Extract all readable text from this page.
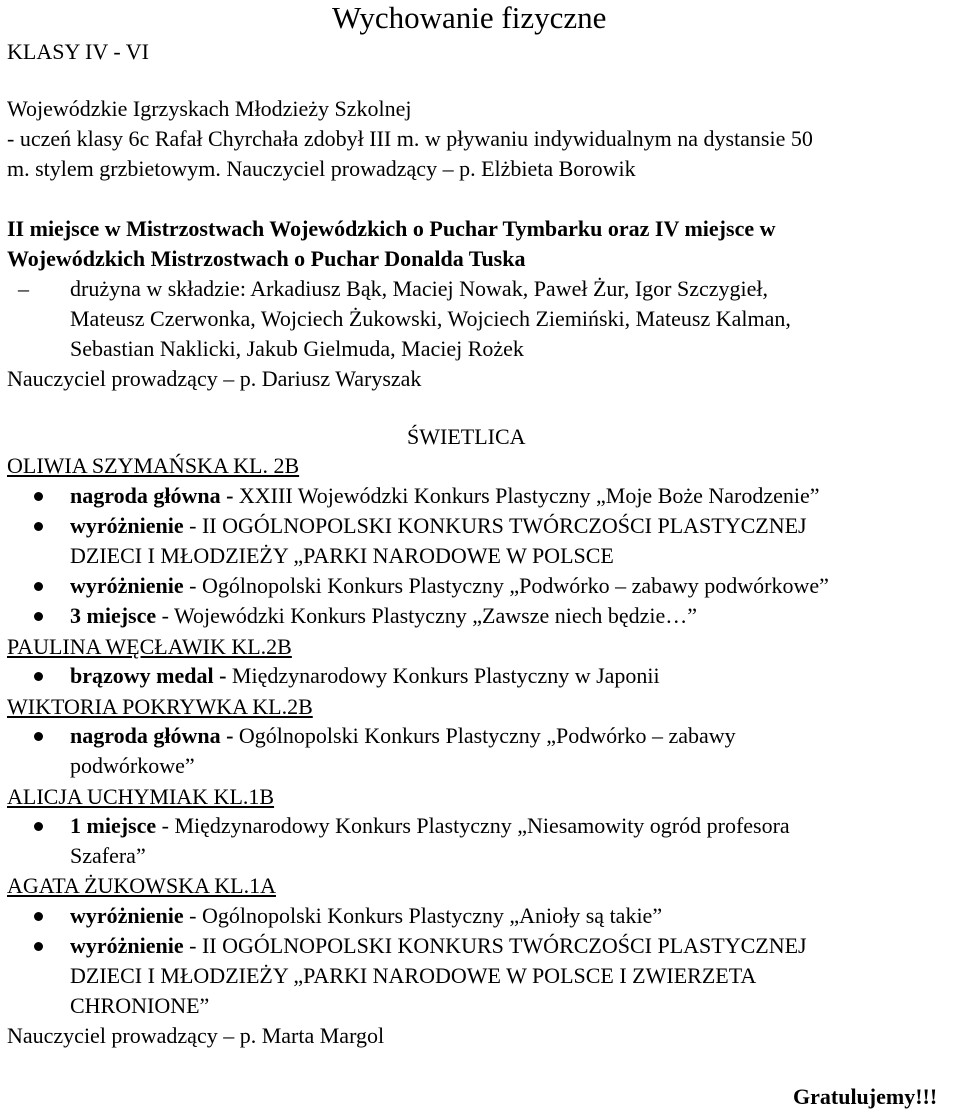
KLASY IV - VI
Wychowanie fizyczne
Wojewódzkie Igrzyskach Młodzieży Szkolnej
- uczeń klasy 6c Rafał Chyrchała zdobył III m. w pływaniu indywidualnym na dystansie 50
m. stylem grzbietowym. Nauczyciel prowadzący – p. Elżbieta Borowik
II miejsce w Mistrzostwach Wojewódzkich o Puchar Tymbarku oraz IV miejsce w
Wojewódzkich Mistrzostwach o Puchar Donalda Tuska
– drużyna w składzie: Arkadiusz Bąk, Maciej Nowak, Paweł Żur, Igor Szczygieł,
Mateusz Czerwonka, Wojciech Żukowski, Wojciech Ziemiński, Mateusz Kalman,
Sebastian Naklicki, Jakub Gielmuda, Maciej Rożek
Nauczyciel prowadzący – p. Dariusz Waryszak
ŚWIETLICA
OLIWIA SZYMAŃSKA KL. 2B
nagroda główna - XXIII Wojewódzki Konkurs Plastyczny „Moje Boże Narodzenie”
wyróżnienie - II OGÓLNOPOLSKI KONKURS TWÓRCZOŚCI PLASTYCZNEJ
DZIECI I MŁODZIEŻY „PARKI NARODOWE W POLSCE
wyróżnienie - Ogólnopolski Konkurs Plastyczny „Podwórko – zabawy podwórkowe”
3 miejsce - Wojewódzki Konkurs Plastyczny „Zawsze niech będzie…”
PAULINA WĘCŁAWIK KL.2B
brązowy medal - Międzynarodowy Konkurs Plastyczny w Japonii
WIKTORIA POKRYWKA KL.2B
nagroda główna - Ogólnopolski Konkurs Plastyczny „Podwórko – zabawy
podwórkowe”
ALICJA UCHYMIAK KL.1B
1 miejsce - Międzynarodowy Konkurs Plastyczny „Niesamowity ogród profesora
Szafera”
AGATA ŻUKOWSKA KL.1A
wyróżnienie - Ogólnopolski Konkurs Plastyczny „Anioły są takie”
wyróżnienie - II OGÓLNOPOLSKI KONKURS TWÓRCZOŚCI PLASTYCZNEJ
DZIECI I MŁODZIEŻY „PARKI NARODOWE W POLSCE I ZWIERZETA
CHRONIONE”
Nauczyciel prowadzący – p. Marta Margol
Gratulujemy!!!
